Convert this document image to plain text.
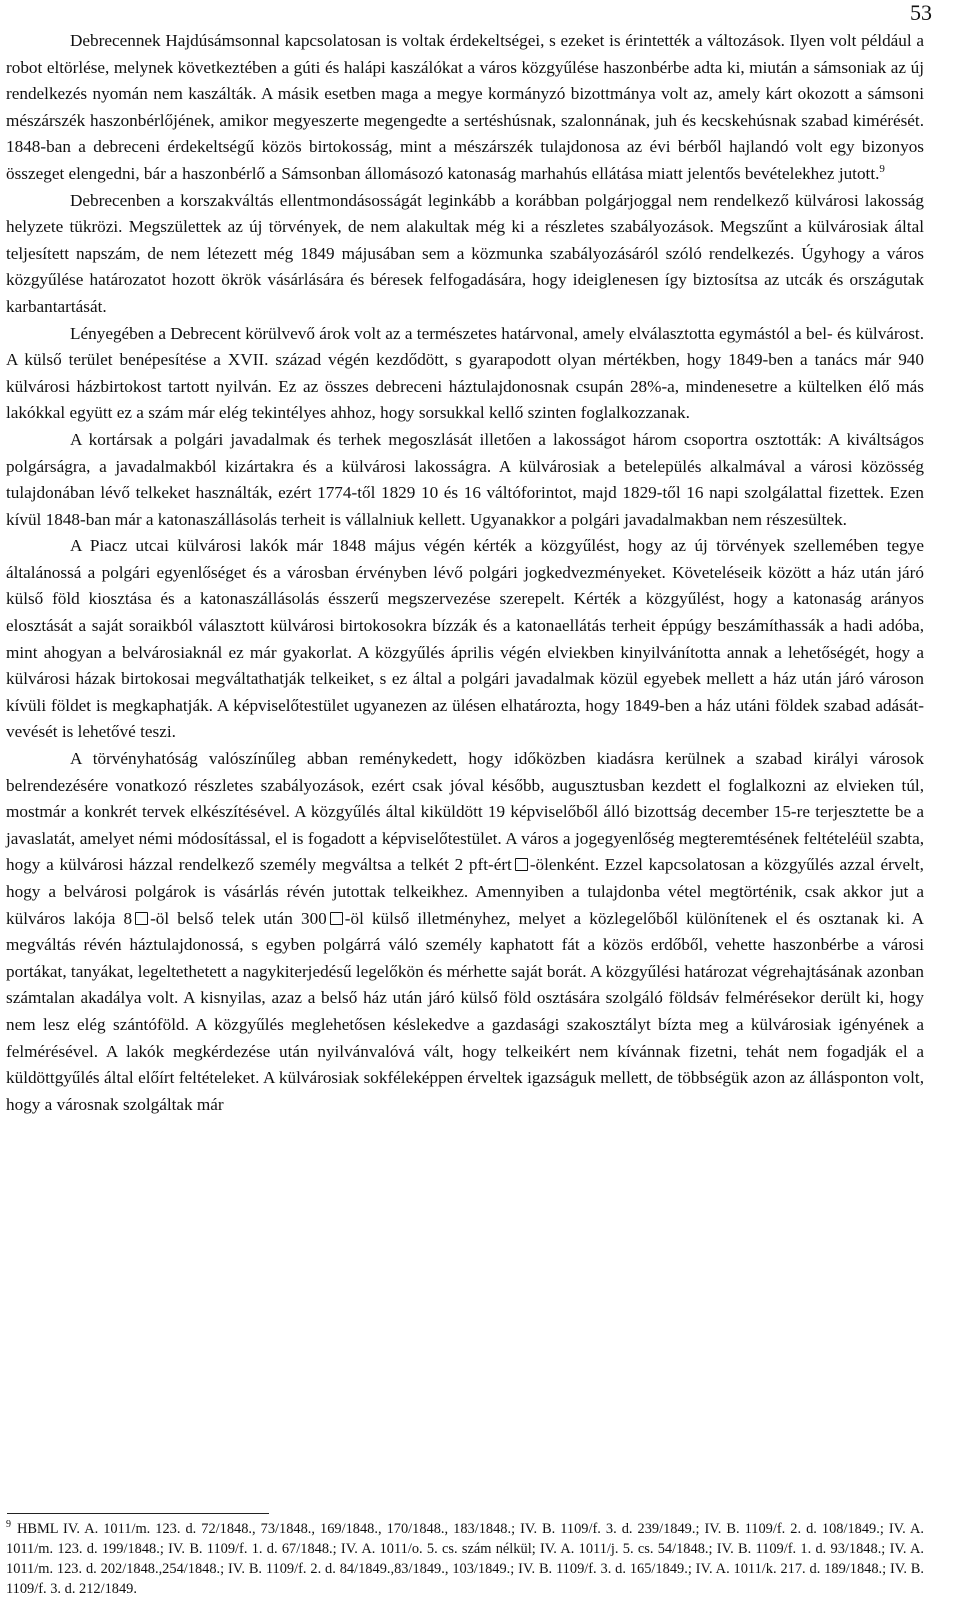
53

Debrecennek Hajdúsámsonnal kapcsolatosan is voltak érdekeltségei, s ezeket is érintették a változások. Ilyen volt például a robot eltörlése, melynek következtében a gúti és halápi kaszálókat a város közgyűlése haszonbérbe adta ki, miután a sámsoniak az új rendelkezés nyomán nem kaszálták. A másik esetben maga a megye kormányzó bizottmánya volt az, amely kárt okozott a sámsoni mészárszék haszonbérlőjének, amikor megyeszerte megengedte a sertéshúsnak, szalonnának, juh és kecskehúsnak szabad kimérését. 1848-ban a debreceni érdekeltségű közös birtokosság, mint a mészárszék tulajdonosa az évi bérből hajlandó volt egy bizonyos összeget elengedni, bár a haszonbérlő a Sámsonban állomásozó katonaság marhahús ellátása miatt jelentős bevételekhez jutott.$^9$

Debrecenben a korszakváltás ellentmondásosságát leginkább a korábban polgárjoggal nem rendelkező külvárosi lakosság helyzete tükrözi. Megszülettek az új törvények, de nem alakultak még ki a részletes szabályozások. Megszűnt a külvárosiak által teljesített napszám, de nem létezett még 1849 májusában sem a közmunka szabályozásáról szóló rendelkezés. Úgyhogy a város közgyűlése határozatot hozott ökrök vásárlására és béresek felfogadására, hogy ideiglenesen így biztosítsa az utcák és országutak karbantartását.

Lényegében a Debrecent körülvevő árok volt az a természetes határvonal, amely elválasztotta egymástól a bel- és külvárost. A külső terület benépesítése a XVII. század végén kezdődött, s gyarapodott olyan mértékben, hogy 1849-ben a tanács már 940 külvárosi házbirtokost tartott nyilván. Ez az összes debreceni háztulajdonosnak csupán 28%-a, mindenesetre a kültelken élő más lakókkal együtt ez a szám már elég tekintélyes ahhoz, hogy sorsukkal kellő szinten foglalkozzanak.

A kortársak a polgári javadalmak és terhek megoszlását illetően a lakosságot három csoportra osztották: A kiváltságos polgárságra, a javadalmakból kizártakra és a külvárosi lakosságra. A külvárosiak a betelepülés alkalmával a városi közösség tulajdonában lévő telkeket használták, ezért 1774-től 1829 10 és 16 váltóforintot, majd 1829-től 16 napi szolgálattal fizettek. Ezen kívül 1848-ban már a katonaszállásolás terheit is vállalniuk kellett. Ugyanakkor a polgári javadalmakban nem részesültek.

A Piacz utcai külvárosi lakók már 1848 május végén kérték a közgyűlést, hogy az új törvények szellemében tegye általánossá a polgári egyenlőséget és a városban érvényben lévő polgári jogkedvezményeket. Követeléseik között a ház után járó külső föld kiosztása és a katonaszállásolás ésszerű megszervezése szerepelt. Kérték a közgyűlést, hogy a katonaság arányos elosztását a saját soraikból választott külvárosi birtokosokra bízzák és a katonaellátás terheit éppúgy beszámíthassák a hadi adóba, mint ahogyan a belvárosiaknál ez már gyakorlat. A közgyűlés április végén elviekben kinyilvánította annak a lehetőségét, hogy a külvárosi házak birtokosai megváltathatják telkeiket, s ez által a polgári javadalmak közül egyebek mellett a ház után járó városon kívüli földet is megkaphatják. A képviselőtestület ugyanezen az ülésen elhatározta, hogy 1849-ben a ház utáni földek szabad adását-vevését is lehetővé teszi.

A törvényhatóság valószínűleg abban reménykedett, hogy időközben kiadásra kerülnek a szabad királyi városok belrendezésére vonatkozó részletes szabályozások, ezért csak jóval később, augusztusban kezdett el foglalkozni az elvieken túl, mostmár a konkrét tervek elkészítésével. A közgyűlés által kiküldött 19 képviselőből álló bizottság december 15-re terjesztette be a javaslatát, amelyet némi módosítással, el is fogadott a képviselőtestület. A város a jogegyenlőség megteremtésének feltételéül szabta, hogy a külvárosi házzal rendelkező személy megváltsa a telkét 2 pft-ért -ölenként. Ezzel kapcsolatosan a közgyűlés azzal érvelt, hogy a belvárosi polgárok is vásárlás révén jutottak telkeikhez. Amennyiben a tulajdonba vétel megtörténik, csak akkor jut a külváros lakója 8 -öl belső telek után 300 -öl külső illetményhez, melyet a közlegelőből különítenek el és osztanak ki. A megváltás révén háztulajdonossá, s egyben polgárrá váló személy kaphatott fát a közös erdőből, vehette haszonbérbe a városi portákat, tanyákat, legeltethetett a nagykiterjedésű legelőkön és mérhette saját borát. A közgyűlési határozat végrehajtásának azonban számtalan akadálya volt. A kisnyilas, azaz a belső ház után járó külső föld osztására szolgáló földsáv felmérésekor derült ki, hogy nem lesz elég szántóföld. A közgyűlés meglehetősen késlekedve a gazdasági szakosztályt bízta meg a külvárosiak igényének a felmérésével. A lakók megkérdezése után nyilvánvalóvá vált, hogy telkeikért nem kívánnak fizetni, tehát nem fogadják el a küldöttgyűlés által előírt feltételeket. A külvárosiak sokféleképpen érveltek igazságuk mellett, de többségük azon az állásponton volt, hogy a városnak szolgáltak már

$^9$ HBML IV. A. 1011/m. 123. d. 72/1848., 73/1848., 169/1848., 170/1848., 183/1848.; IV. B. 1109/f. 3. d. 239/1849.; IV. B. 1109/f. 2. d. 108/1849.; IV. A. 1011/m. 123. d. 199/1848.; IV. B. 1109/f. 1. d. 67/1848.; IV. A. 1011/o. 5. cs. szám nélkül; IV. A. 1011/j. 5. cs. 54/1848.; IV. B. 1109/f. 1. d. 93/1848.; IV. A. 1011/m. 123. d. 202/1848.,254/1848.; IV. B. 1109/f. 2. d. 84/1849.,83/1849., 103/1849.; IV. B. 1109/f. 3. d. 165/1849.; IV. A. 1011/k. 217. d. 189/1848.; IV. B. 1109/f. 3. d. 212/1849.
